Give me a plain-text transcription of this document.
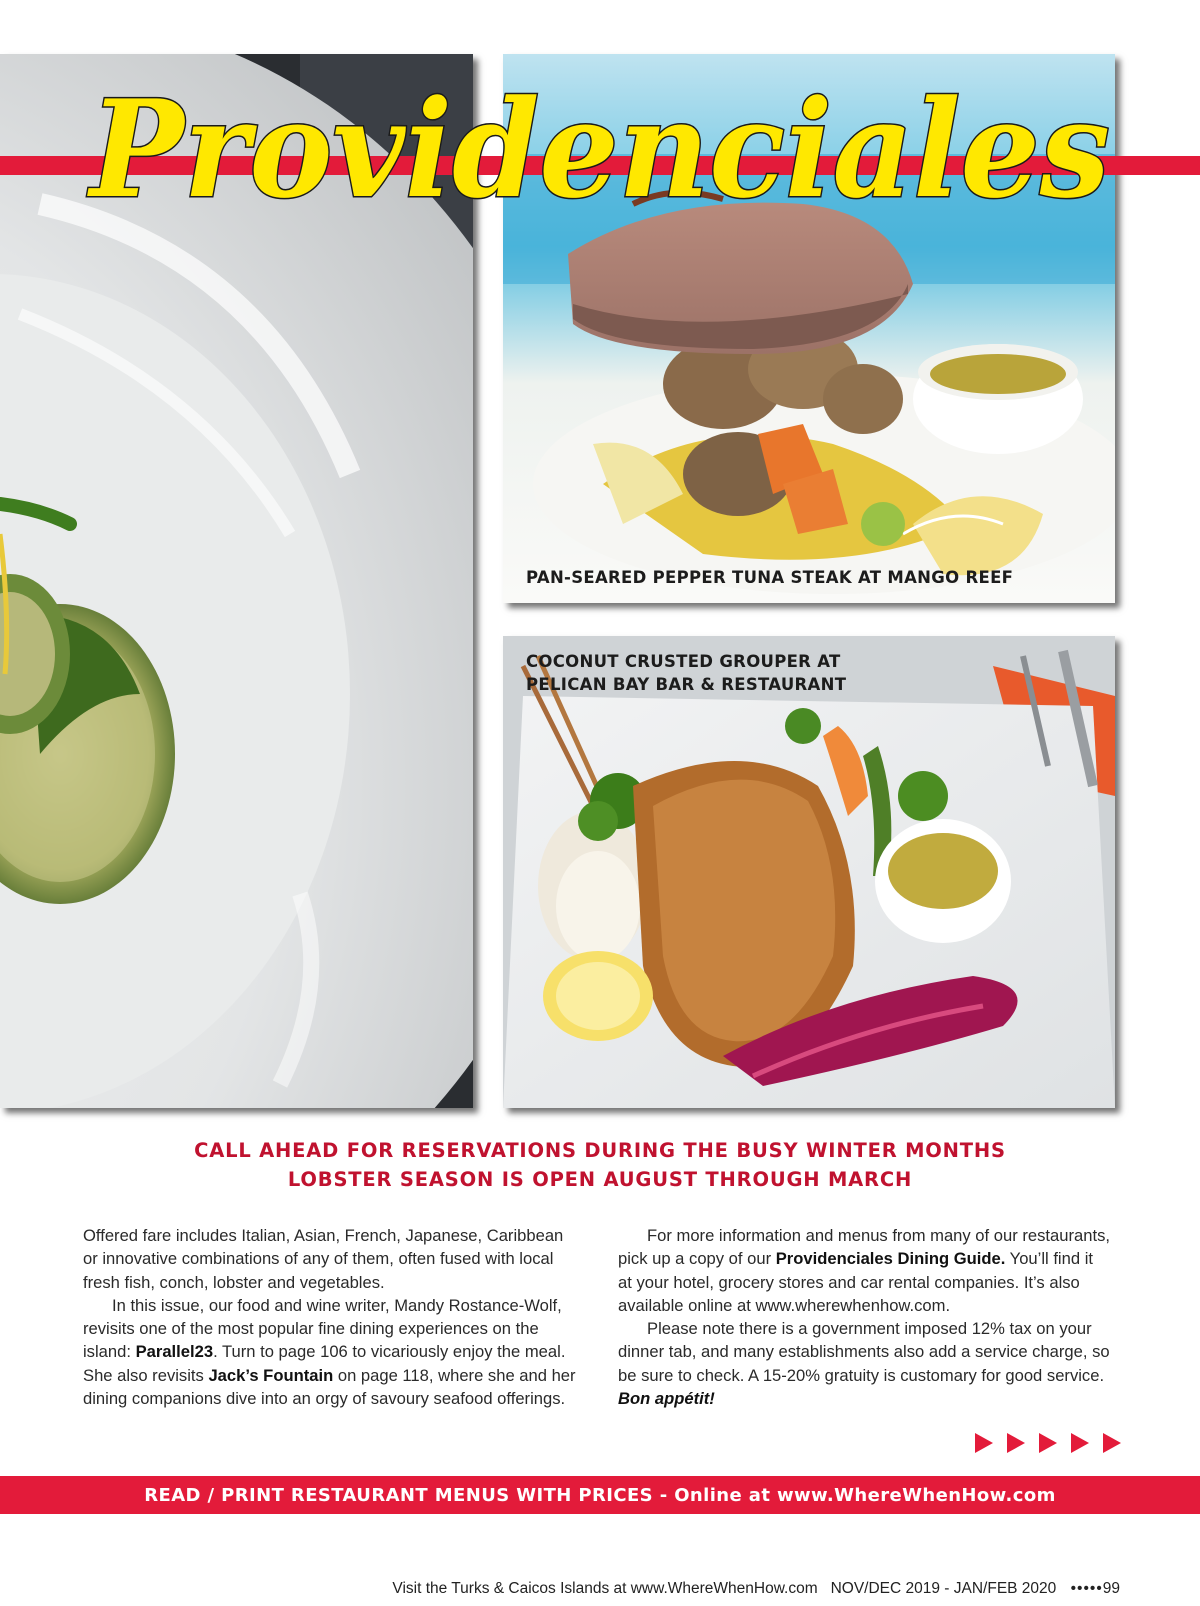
PAN-SEARED PEPPER TUNA STEAK AT MANGO REEF
COCONUT CRUSTED GROUPER AT
PELICAN BAY BAR & RESTAURANT
Providenciales
CALL AHEAD FOR RESERVATIONS DURING THE BUSY WINTER MONTHS
LOBSTER SEASON IS OPEN AUGUST THROUGH MARCH

Offered fare includes Italian, Asian, French, Japanese, Caribbean or innovative combinations of any of them, often fused with local fresh fish, conch, lobster and vegetables.

In this issue, our food and wine writer, Mandy Rostance-Wolf, revisits one of the most popular fine dining experiences on the island: Parallel23. Turn to page 106 to vicariously enjoy the meal. She also revisits Jack’s Fountain on page 118, where she and her dining companions dive into an orgy of savoury seafood offerings.

For more information and menus from many of our restaurants, pick up a copy of our Providenciales Dining Guide. You’ll find it at your hotel, grocery stores and car rental companies. It’s also available online at www.wherewhenhow.com.

Please note there is a government imposed 12% tax on your dinner tab, and many establishments also add a service charge, so be sure to check. A 15-20% gratuity is customary for good service. Bon appétit!

READ / PRINT RESTAURANT MENUS WITH PRICES - Online at www.WhereWhenHow.com
Visit the Turks & Caicos Islands at www.WhereWhenHow.com NOV/DEC 2019 - JAN/FEB 2020 •••••99
